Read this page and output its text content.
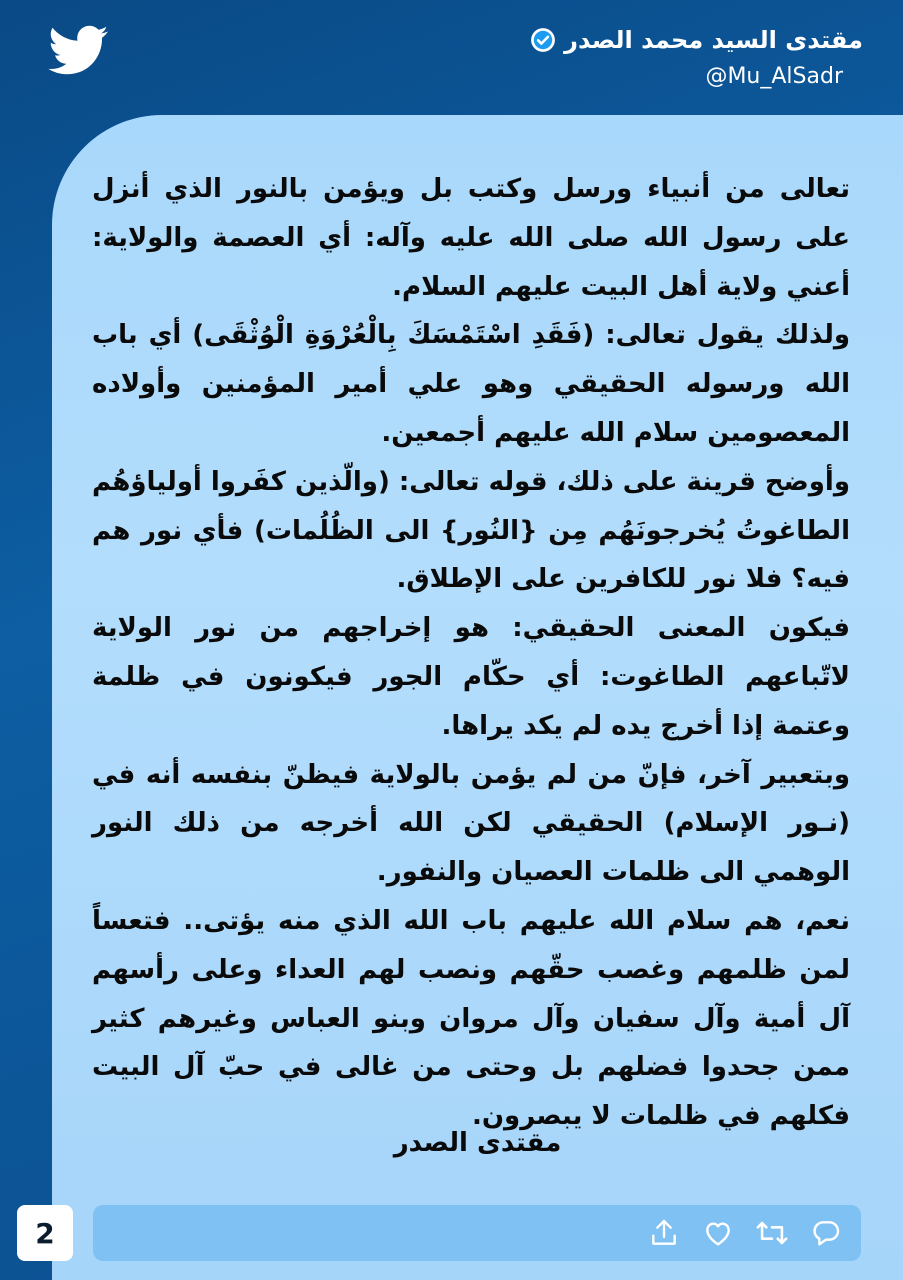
مقتدى السيد محمد الصدر
@Mu_AlSadr

تعالى من أنبياء ورسل وكتب بل ويؤمن بالنور الذي أنزل على رسول الله صلى الله عليه وآله: أي العصمة والولاية: أعني ولاية أهل البيت عليهم السلام.

ولذلك يقول تعالى: (فَقَدِ اسْتَمْسَكَ بِالْعُرْوَةِ الْوُثْقَى) أي باب الله ورسوله الحقيقي وهو علي أمير المؤمنين وأولاده المعصومين سلام الله عليهم أجمعين.

وأوضح قرينة على ذلك، قوله تعالى: (والّذين كفَروا أولياؤهُم الطاغوتُ يُخرجونَهُم مِن {النُور} الى الظُلُمات) فأي نور هم فيه؟ فلا نور للكافرين على الإطلاق.

فيكون المعنى الحقيقي: هو إخراجهم من نور الولاية لاتّباعهم الطاغوت: أي حكّام الجور فيكونون في ظلمة وعتمة إذا أخرج يده لم يكد يراها.

وبتعبير آخر، فإنّ من لم يؤمن بالولاية فيظنّ بنفسه أنه في (نـور الإسلام) الحقيقي لكن الله أخرجه من ذلك النور الوهمي الى ظلمات العصيان والنفور.

نعم، هم سلام الله عليهم باب الله الذي منه يؤتى.. فتعساً لمن ظلمهم وغصب حقّهم ونصب لهم العداء وعلى رأسهم آل أمية وآل سفيان وآل مروان وبنو العباس وغيرهم كثير ممن جحدوا فضلهم بل وحتى من غالى في حبّ آل البيت فكلهم في ظلمات لا يبصرون.

مقتدى الصدر
2
